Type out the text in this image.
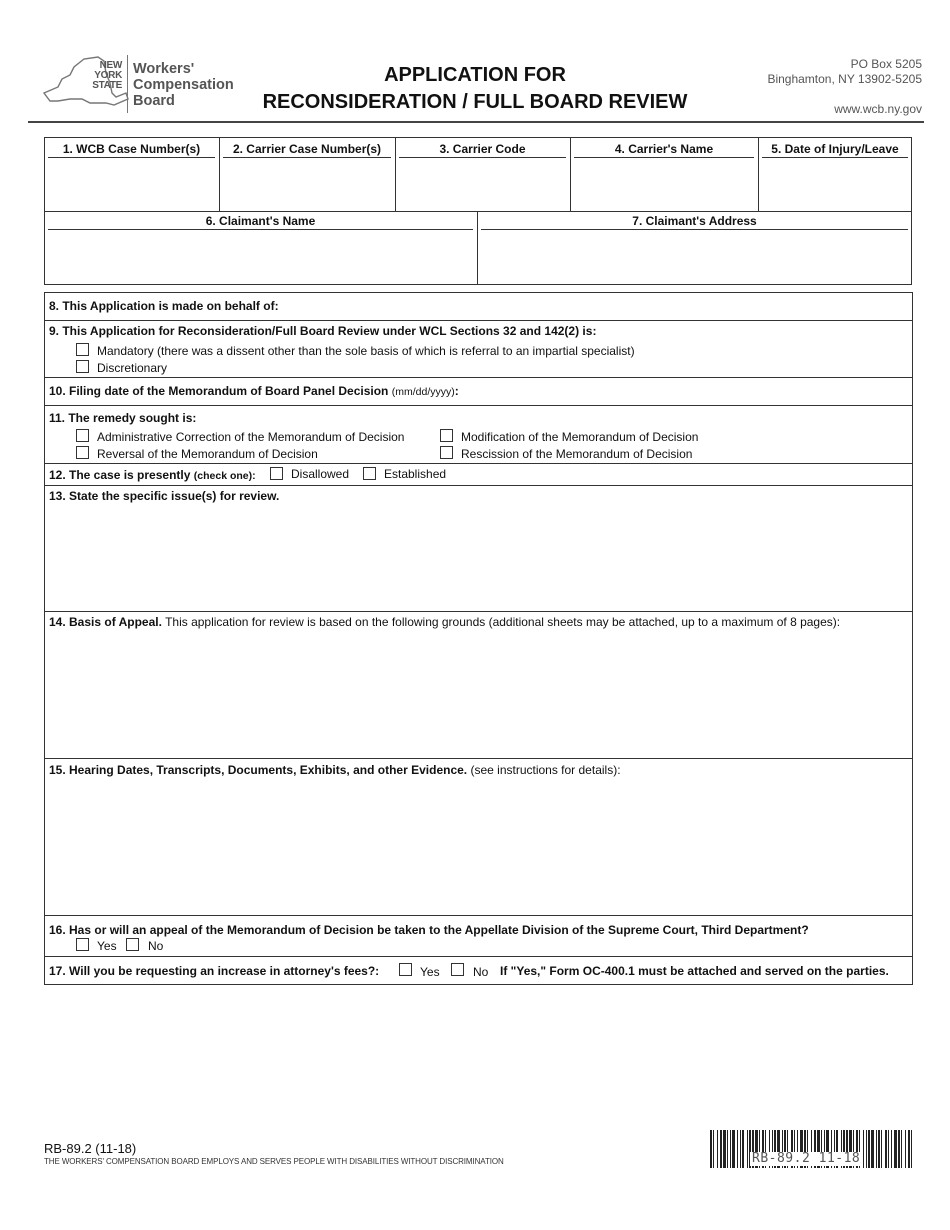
NEW
YORK
STATE
Workers'
Compensation
Board
APPLICATION FOR
RECONSIDERATION / FULL BOARD REVIEW
PO Box 5205
Binghamton, NY 13902-5205
www.wcb.ny.gov
1. WCB Case Number(s)	2. Carrier Case Number(s)	3. Carrier Code	4. Carrier's Name	5. Date of Injury/Leave
6. Claimant's Name	7. Claimant's Address
8. This Application is made on behalf of:
9. This Application for Reconsideration/Full Board Review under WCL Sections 32 and 142(2) is:
Mandatory (there was a dissent other than the sole basis of which is referral to an impartial specialist)
Discretionary
10. Filing date of the Memorandum of Board Panel Decision (mm/dd/yyyy):
11. The remedy sought is:
Administrative Correction of the Memorandum of Decision
Reversal of the Memorandum of Decision
Modification of the Memorandum of Decision
Rescission of the Memorandum of Decision
12. The case is presently (check one):	Disallowed	Established
13. State the specific issue(s) for review.
14. Basis of Appeal. This application for review is based on the following grounds (additional sheets may be attached, up to a maximum of 8 pages):
15. Hearing Dates, Transcripts, Documents, Exhibits, and other Evidence. (see instructions for details):
16. Has or will an appeal of the Memorandum of Decision be taken to the Appellate Division of the Supreme Court, Third Department?
Yes	No
17. Will you be requesting an increase in attorney's fees?:	Yes	No If "Yes," Form OC-400.1 must be attached and served on the parties.
RB-89.2 (11-18)
THE WORKERS' COMPENSATION BOARD EMPLOYS AND SERVES PEOPLE WITH DISABILITIES WITHOUT DISCRIMINATION	RB-89.2 11-18
